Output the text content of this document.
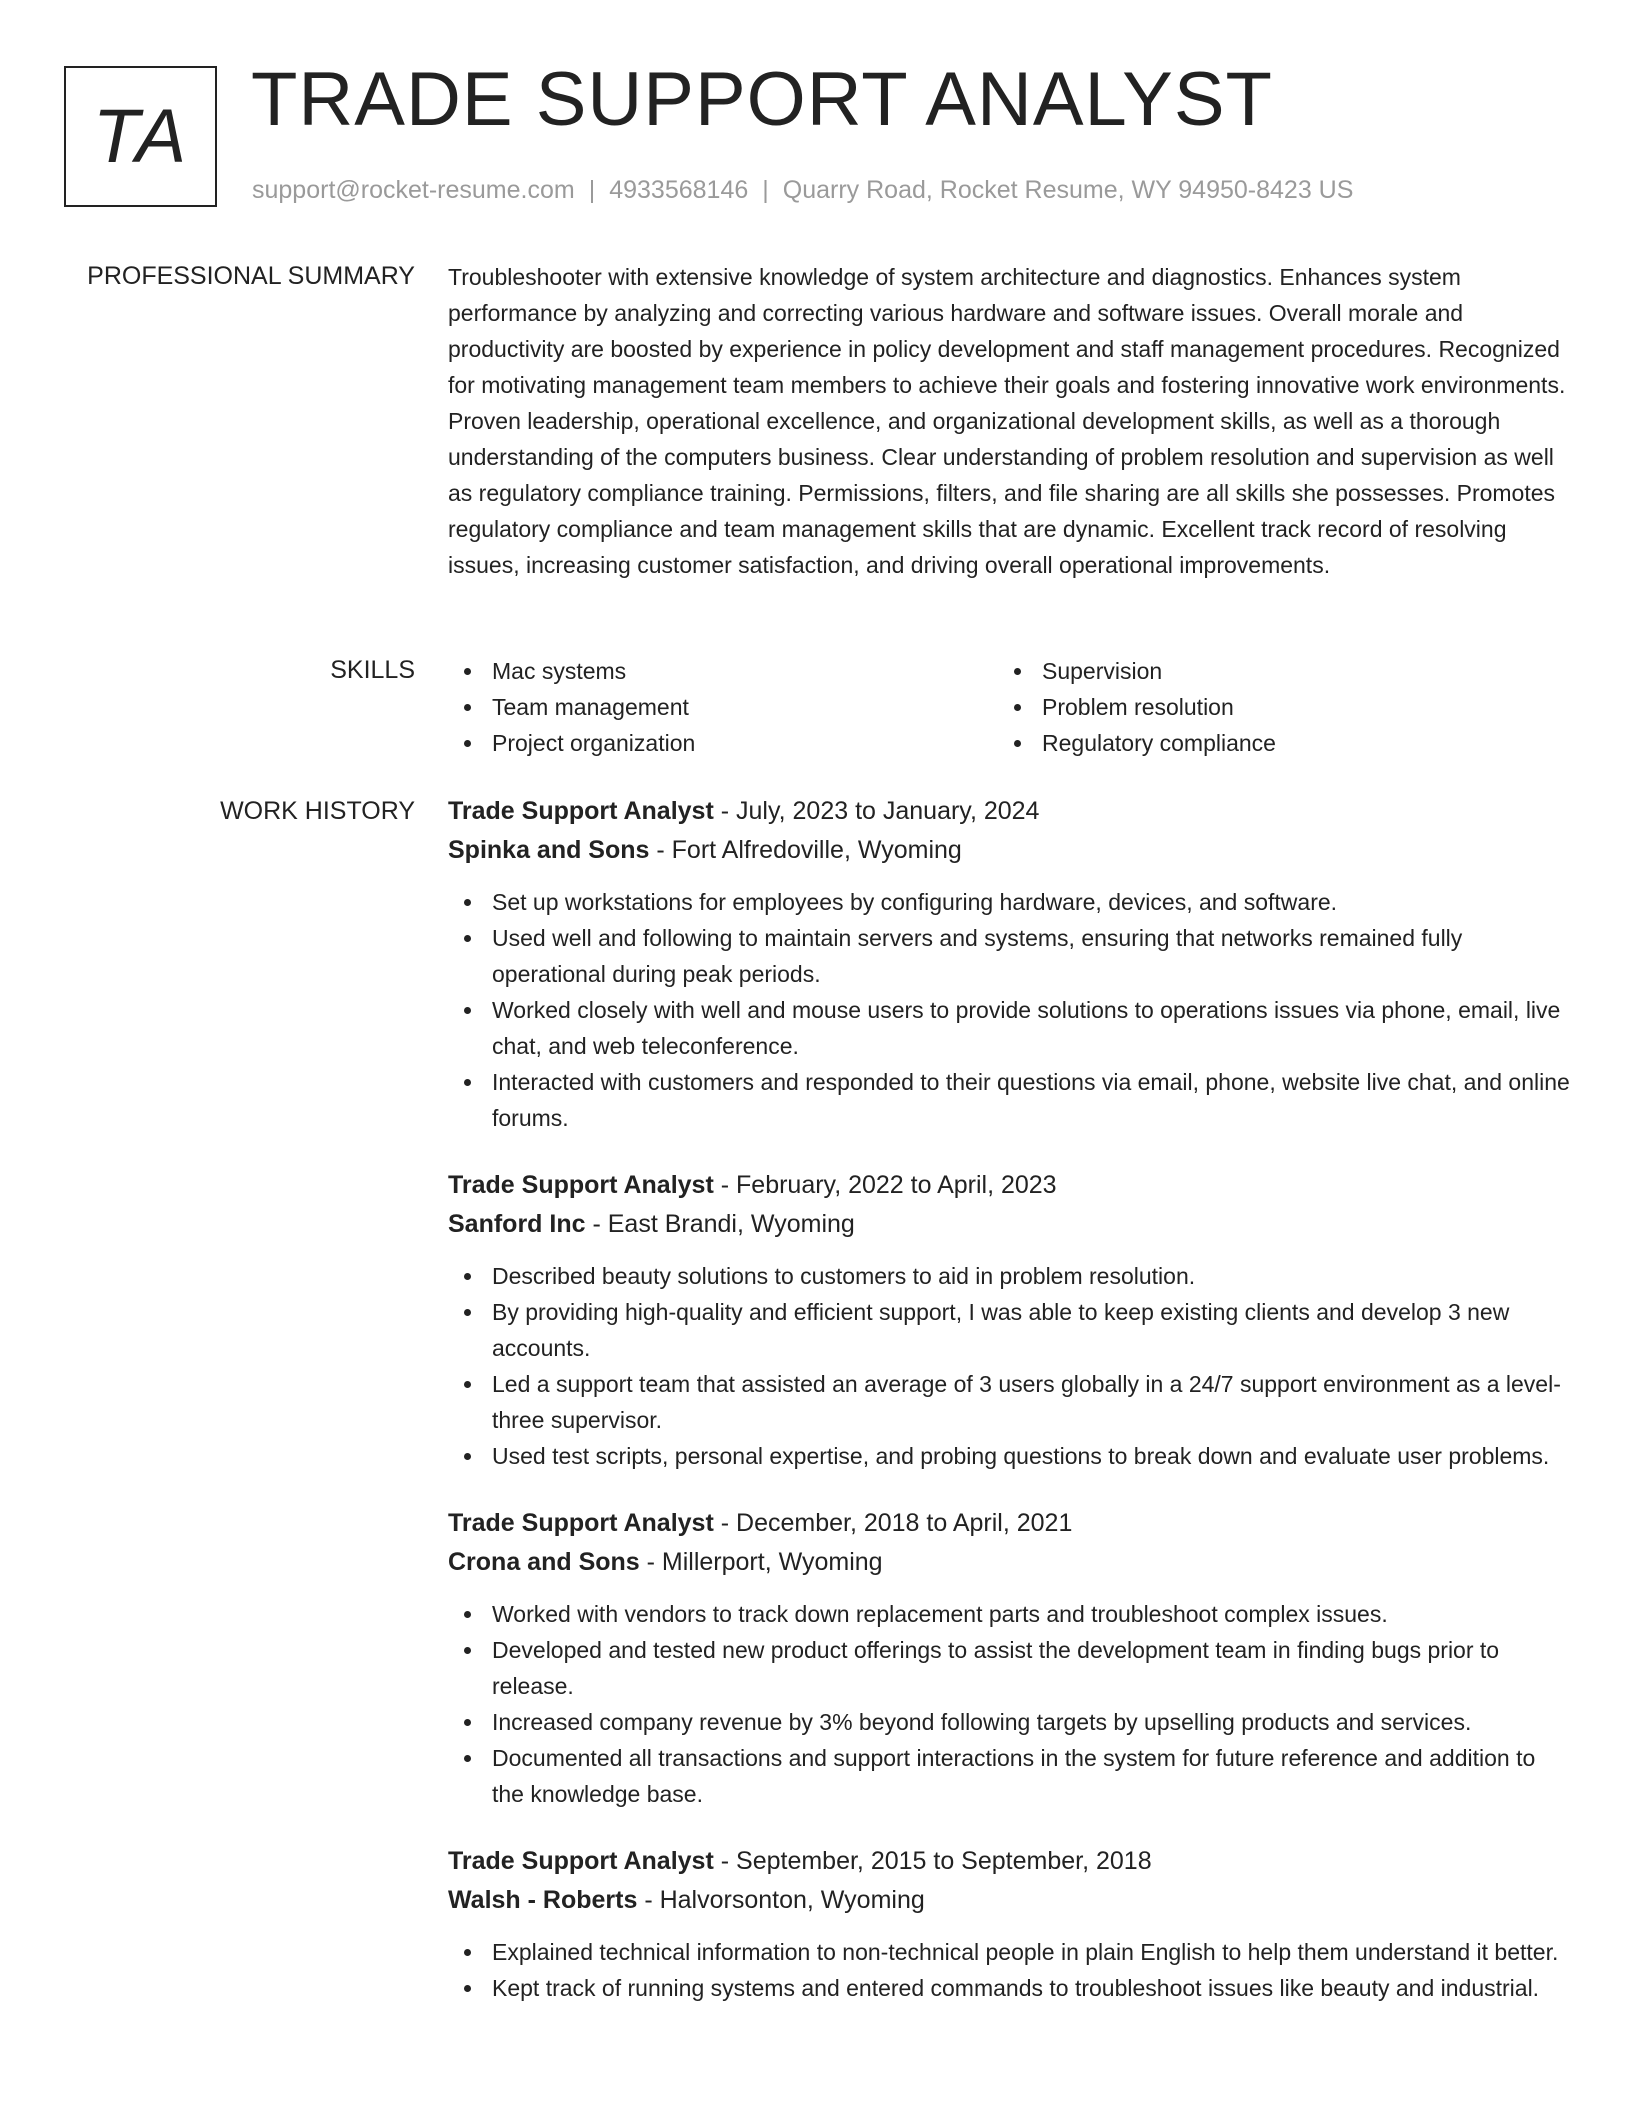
TA TRADE SUPPORT ANALYST
support@rocket-resume.com | 4933568146 | Quarry Road, Rocket Resume, WY 94950-8423 US
PROFESSIONAL SUMMARY Troubleshooter with extensive knowledge of system architecture and diagnostics. Enhances system performance by analyzing and correcting various hardware and software issues. Overall morale and productivity are boosted by experience in policy development and staff management procedures. Recognized for motivating management team members to achieve their goals and fostering innovative work environments. Proven leadership, operational excellence, and organizational development skills, as well as a thorough understanding of the computers business. Clear understanding of problem resolution and supervision as well as regulatory compliance training. Permissions, filters, and file sharing are all skills she possesses. Promotes regulatory compliance and team management skills that are dynamic. Excellent track record of resolving issues, increasing customer satisfaction, and driving overall operational improvements.

SKILLS	Mac systems
Team management
Project organization
Supervision
Problem resolution
Regulatory compliance
WORK HISTORY Trade Support Analyst - July, 2023 to January, 2024
Spinka and Sons - Fort Alfredoville, Wyoming
Set up workstations for employees by configuring hardware, devices, and software.
Used well and following to maintain servers and systems, ensuring that networks remained fully operational during peak periods.
Worked closely with well and mouse users to provide solutions to operations issues via phone, email, live chat, and web teleconference.
Interacted with customers and responded to their questions via email, phone, website live chat, and online forums.
Trade Support Analyst - February, 2022 to April, 2023
Sanford Inc - East Brandi, Wyoming
Described beauty solutions to customers to aid in problem resolution.
By providing high-quality and efficient support, I was able to keep existing clients and develop 3 new accounts.
Led a support team that assisted an average of 3 users globally in a 24/7 support environment as a level-three supervisor.
Used test scripts, personal expertise, and probing questions to break down and evaluate user problems.
Trade Support Analyst - December, 2018 to April, 2021
Crona and Sons - Millerport, Wyoming
Worked with vendors to track down replacement parts and troubleshoot complex issues.
Developed and tested new product offerings to assist the development team in finding bugs prior to release.
Increased company revenue by 3% beyond following targets by upselling products and services.
Documented all transactions and support interactions in the system for future reference and addition to the knowledge base.
Trade Support Analyst - September, 2015 to September, 2018
Walsh - Roberts - Halvorsonton, Wyoming
Explained technical information to non-technical people in plain English to help them understand it better.
Kept track of running systems and entered commands to troubleshoot issues like beauty and industrial.
